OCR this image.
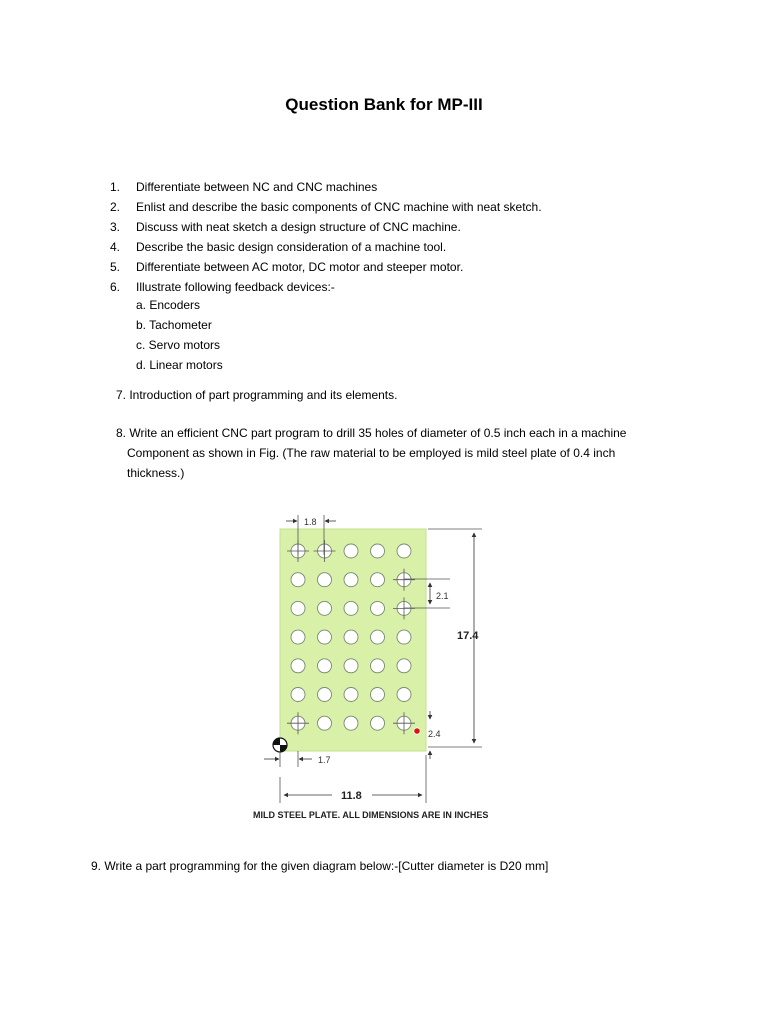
Question Bank for MP-III
1.	Differentiate between NC and CNC machines
2.	Enlist and describe the basic components of CNC machine with neat sketch.
3.	Discuss with neat sketch a design structure of CNC machine.
4.	Describe the basic design consideration of a machine tool.
5.	Differentiate between AC motor, DC motor and steeper motor.
6.	Illustrate following feedback devices:-
a. Encoders
b. Tachometer
c. Servo motors
d. Linear motors
7. Introduction of part programming and its elements.
8. Write an efficient CNC part program to drill 35 holes of diameter of 0.5 inch each in a machine
Component as shown in Fig. (The raw material to be employed is mild steel plate of 0.4 inch
thickness.)
1.8
2.1
17.4
2.4
1.7
11.8
MILD STEEL PLATE. ALL DIMENSIONS ARE IN INCHES
9. Write a part programming for the given diagram below:-[Cutter diameter is D20 mm]
